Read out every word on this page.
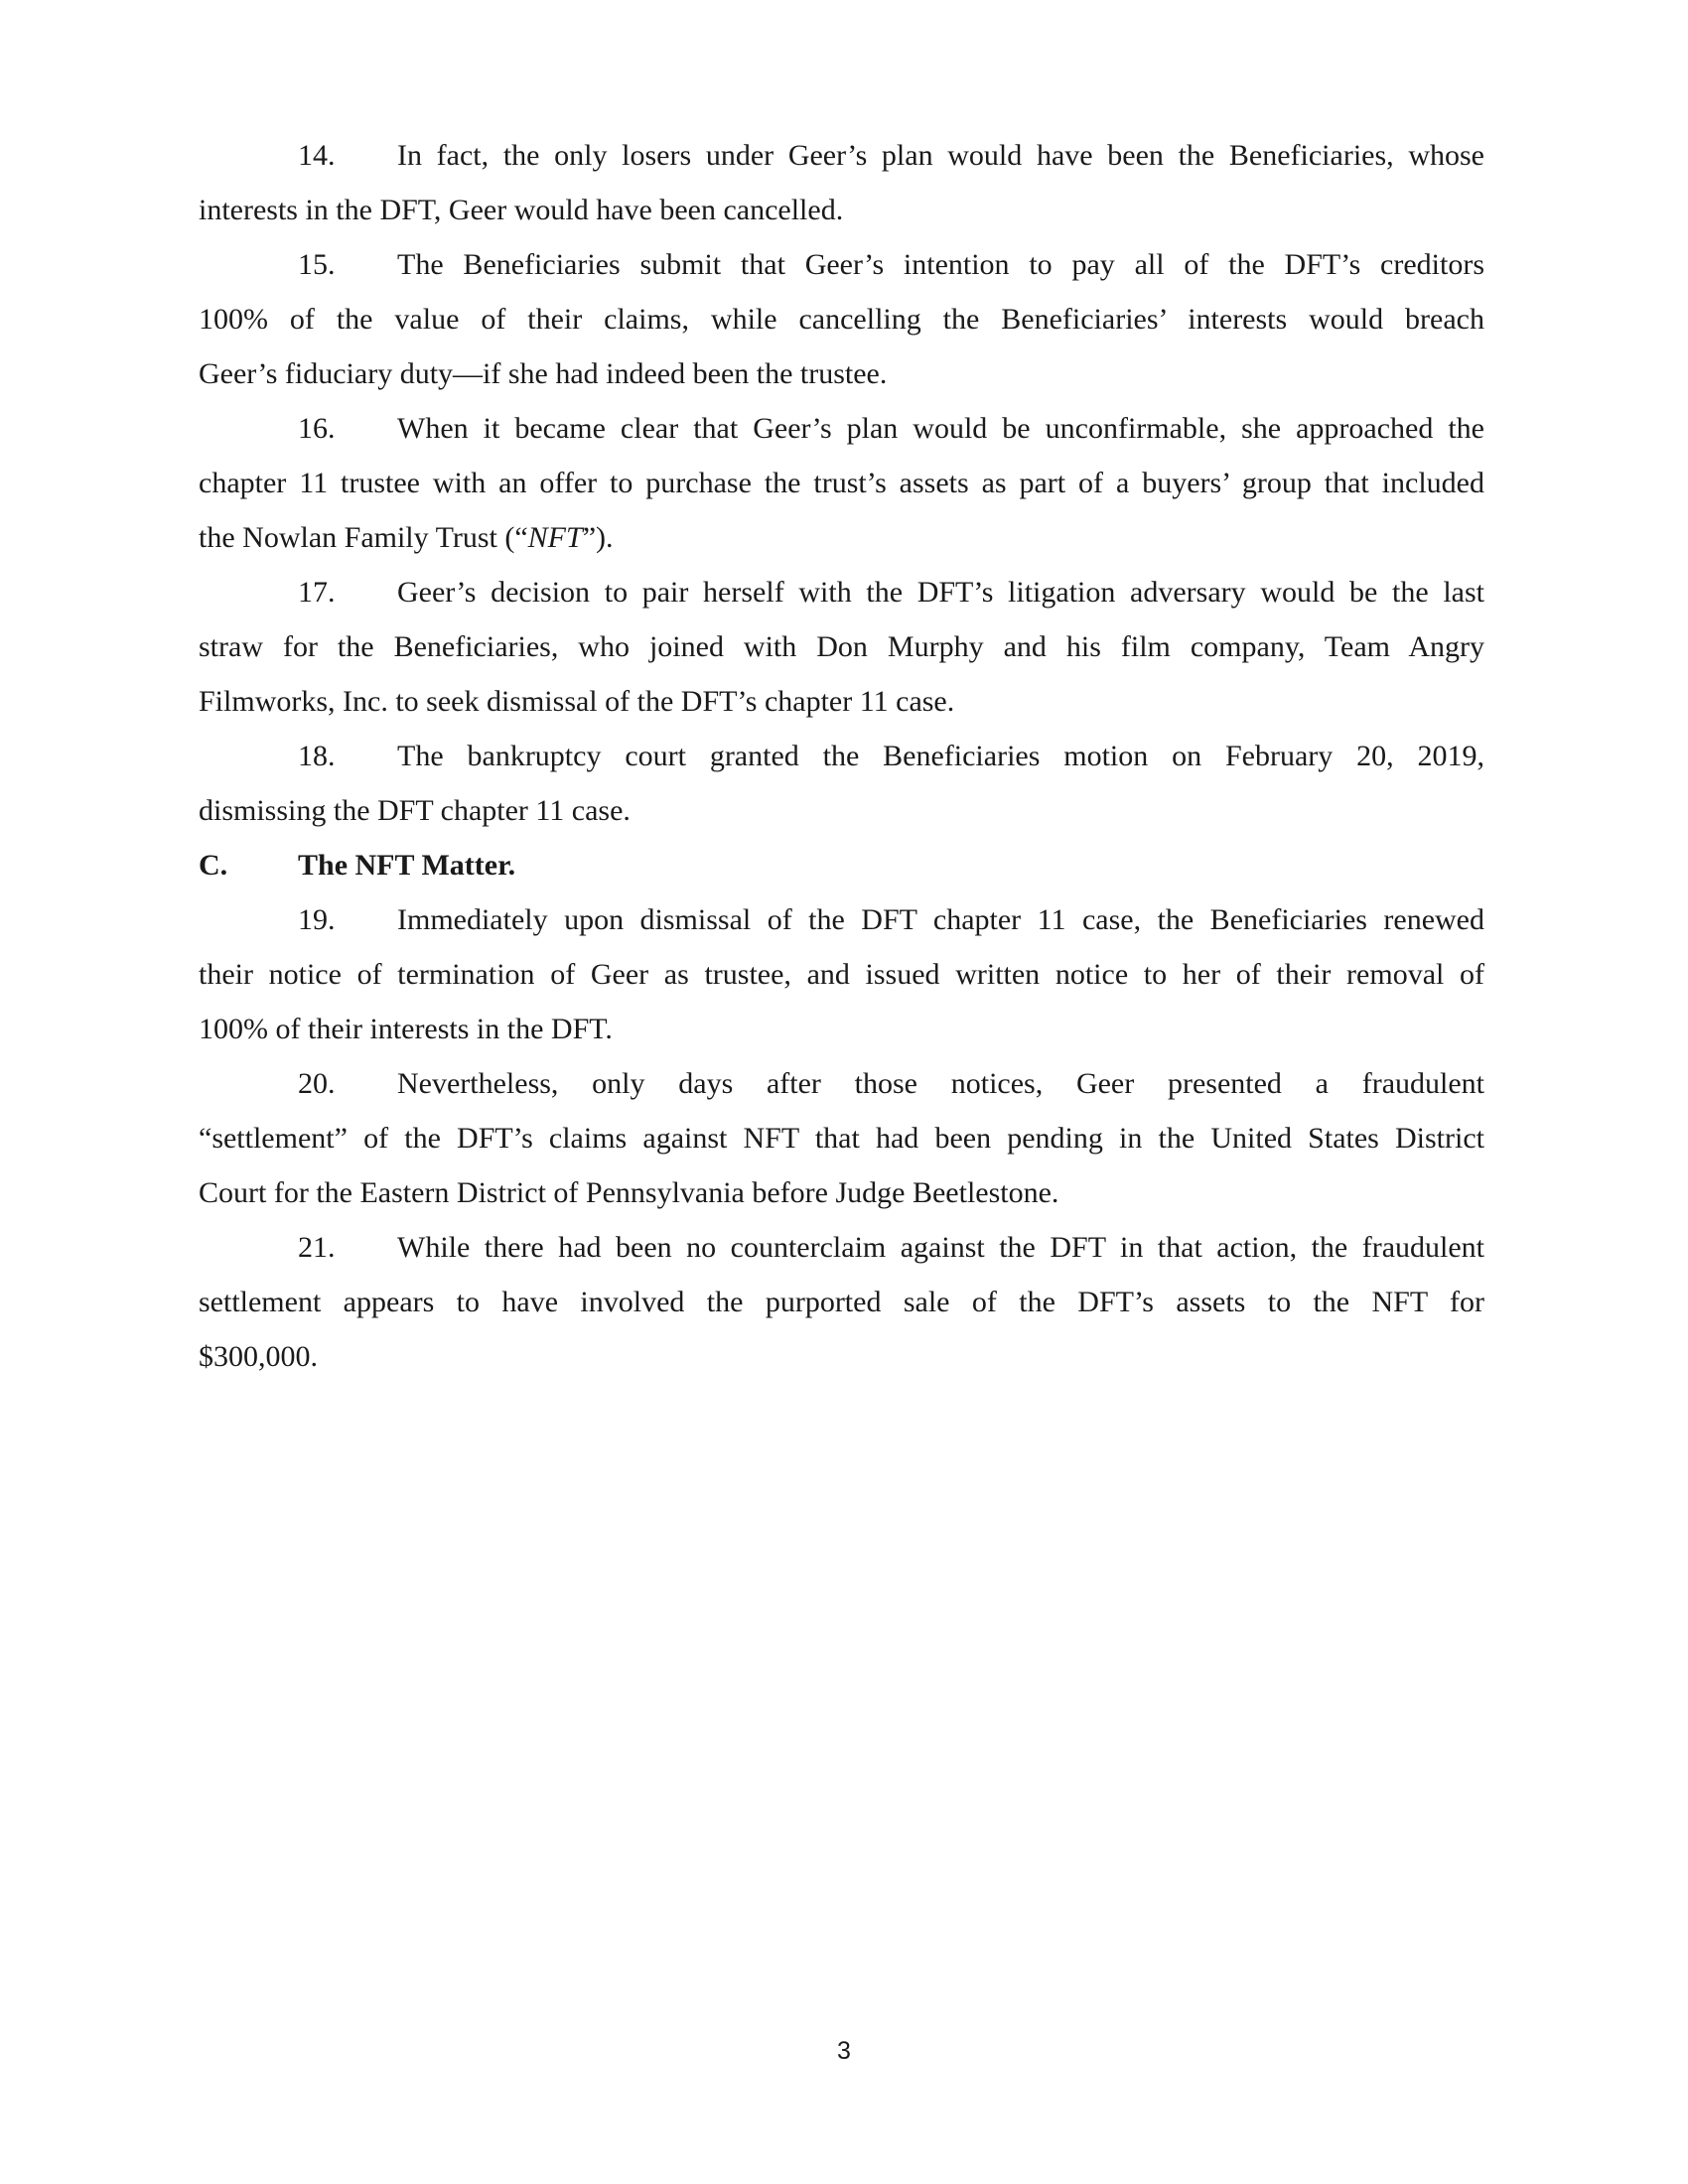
14. In fact, the only losers under Geer’s plan would have been the Beneficiaries, whose
interests in the DFT, Geer would have been cancelled.
15. The Beneficiaries submit that Geer’s intention to pay all of the DFT’s creditors
100% of the value of their claims, while cancelling the Beneficiaries’ interests would breach
Geer’s fiduciary duty—if she had indeed been the trustee.
16. When it became clear that Geer’s plan would be unconfirmable, she approached the
chapter 11 trustee with an offer to purchase the trust’s assets as part of a buyers’ group that included
the Nowlan Family Trust (“NFT”).
17. Geer’s decision to pair herself with the DFT’s litigation adversary would be the last
straw for the Beneficiaries, who joined with Don Murphy and his film company, Team Angry
Filmworks, Inc. to seek dismissal of the DFT’s chapter 11 case.
18. The bankruptcy court granted the Beneficiaries motion on February 20, 2019,
dismissing the DFT chapter 11 case.
C. The NFT Matter.
19. Immediately upon dismissal of the DFT chapter 11 case, the Beneficiaries renewed
their notice of termination of Geer as trustee, and issued written notice to her of their removal of
100% of their interests in the DFT.
20. Nevertheless, only days after those notices, Geer presented a fraudulent
“settlement” of the DFT’s claims against NFT that had been pending in the United States District
Court for the Eastern District of Pennsylvania before Judge Beetlestone.
21. While there had been no counterclaim against the DFT in that action, the fraudulent
settlement appears to have involved the purported sale of the DFT’s assets to the NFT for
$300,000.
3
